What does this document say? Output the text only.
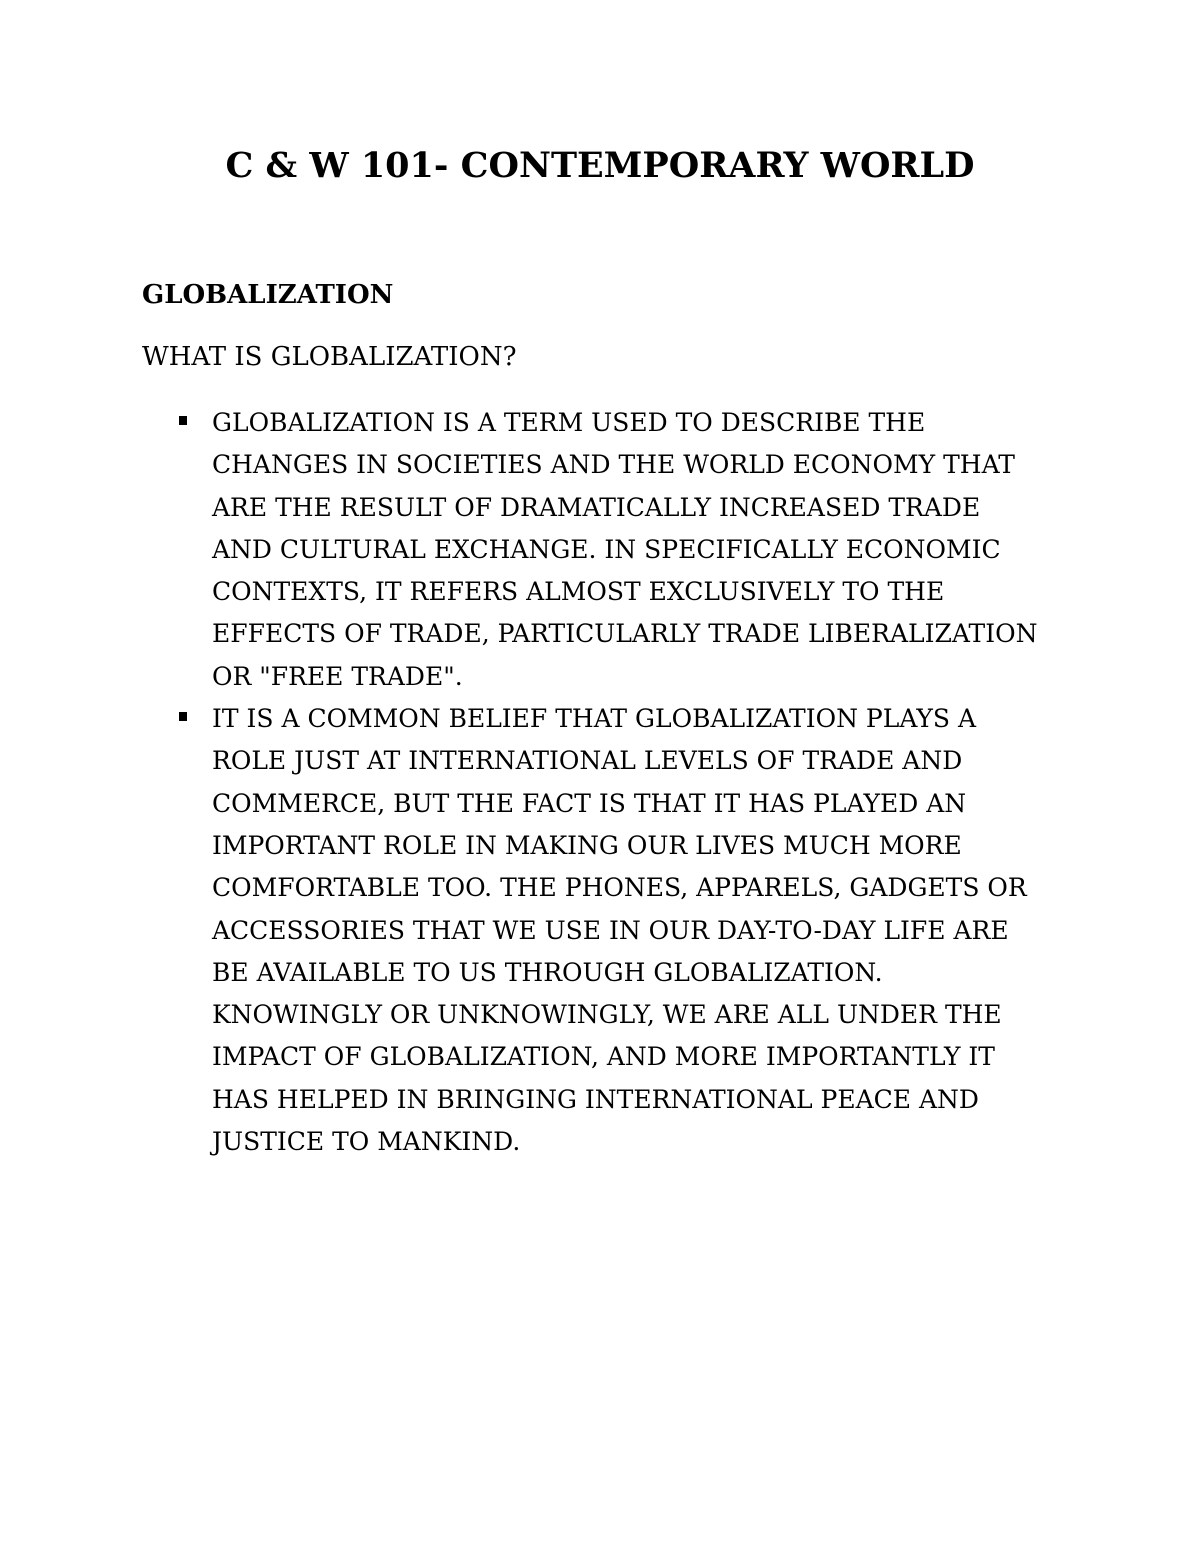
C & W 101- CONTEMPORARY WORLD
GLOBALIZATION

WHAT IS GLOBALIZATION?

GLOBALIZATION IS A TERM USED TO DESCRIBE THE
CHANGES IN SOCIETIES AND THE WORLD ECONOMY THAT
ARE THE RESULT OF DRAMATICALLY INCREASED TRADE
AND CULTURAL EXCHANGE. IN SPECIFICALLY ECONOMIC
CONTEXTS, IT REFERS ALMOST EXCLUSIVELY TO THE
EFFECTS OF TRADE, PARTICULARLY TRADE LIBERALIZATION
OR "FREE TRADE".
IT IS A COMMON BELIEF THAT GLOBALIZATION PLAYS A
ROLE JUST AT INTERNATIONAL LEVELS OF TRADE AND
COMMERCE, BUT THE FACT IS THAT IT HAS PLAYED AN
IMPORTANT ROLE IN MAKING OUR LIVES MUCH MORE
COMFORTABLE TOO. THE PHONES, APPARELS, GADGETS OR
ACCESSORIES THAT WE USE IN OUR DAY-TO-DAY LIFE ARE
BE AVAILABLE TO US THROUGH GLOBALIZATION.
KNOWINGLY OR UNKNOWINGLY, WE ARE ALL UNDER THE
IMPACT OF GLOBALIZATION, AND MORE IMPORTANTLY IT
HAS HELPED IN BRINGING INTERNATIONAL PEACE AND
JUSTICE TO MANKIND.
